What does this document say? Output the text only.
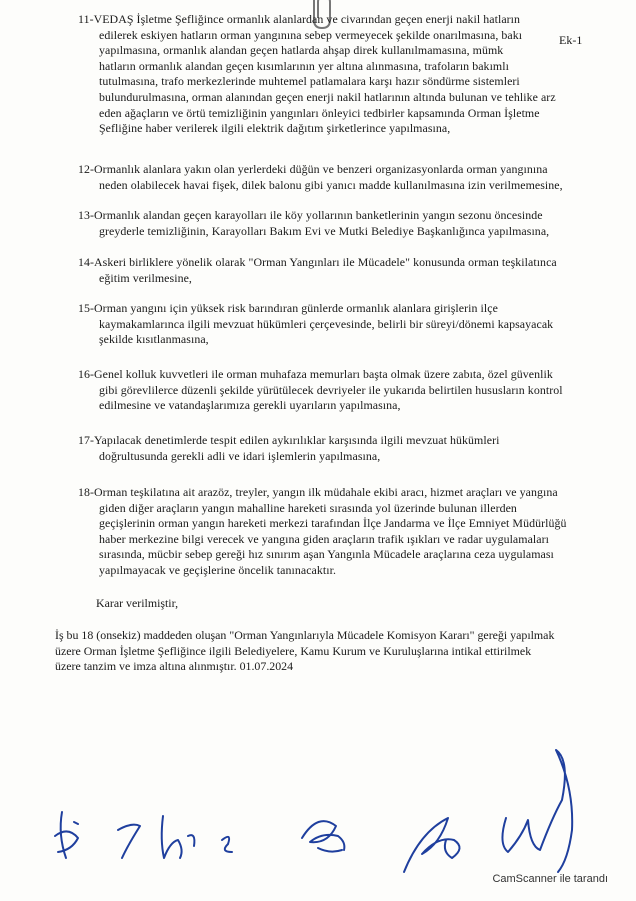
Ek-1

11-VEDAŞ İşletme Şefliğince ormanlık alanlardan ve civarından geçen enerji nakil hatların

edilerek eskiyen hatların orman yangınına sebep vermeyecek şekilde onarılmasına, bakı

yapılmasına, ormanlık alandan geçen hatlarda ahşap direk kullanılmamasına, mümk

hatların ormanlık alandan geçen kısımlarının yer altına alınmasına, trafoların bakımlı

tutulmasına, trafo merkezlerinde muhtemel patlamalara karşı hazır söndürme sistemleri

bulundurulmasına, orman alanından geçen enerji nakil hatlarının altında bulunan ve tehlike arz

eden ağaçların ve örtü temizliğinin yangınları önleyici tedbirler kapsamında Orman İşletme

Şefliğine haber verilerek ilgili elektrik dağıtım şirketlerince yapılmasına,

12-Ormanlık alanlara yakın olan yerlerdeki düğün ve benzeri organizasyonlarda orman yangınına

neden olabilecek havai fişek, dilek balonu gibi yanıcı madde kullanılmasına izin verilmemesine,

13-Ormanlık alandan geçen karayolları ile köy yollarının banketlerinin yangın sezonu öncesinde

greyderle temizliğinin, Karayolları Bakım Evi ve Mutki Belediye Başkanlığınca yapılmasına,

14-Askeri birliklere yönelik olarak "Orman Yangınları ile Mücadele" konusunda orman teşkilatınca

eğitim verilmesine,

15-Orman yangını için yüksek risk barındıran günlerde ormanlık alanlara girişlerin ilçe

kaymakamlarınca ilgili mevzuat hükümleri çerçevesinde, belirli bir süreyi/dönemi kapsayacak

şekilde kısıtlanmasına,

16-Genel kolluk kuvvetleri ile orman muhafaza memurları başta olmak üzere zabıta, özel güvenlik

gibi görevlilerce düzenli şekilde yürütülecek devriyeler ile yukarıda belirtilen hususların kontrol

edilmesine ve vatandaşlarımıza gerekli uyarıların yapılmasına,

17-Yapılacak denetimlerde tespit edilen aykırılıklar karşısında ilgili mevzuat hükümleri

doğrultusunda gerekli adli ve idari işlemlerin yapılmasına,

18-Orman teşkilatına ait arazöz, treyler, yangın ilk müdahale ekibi aracı, hizmet araçları ve yangına

giden diğer araçların yangın mahalline hareketi sırasında yol üzerinde bulunan illerden

geçişlerinin orman yangın hareketi merkezi tarafından İlçe Jandarma ve İlçe Emniyet Müdürlüğü

haber merkezine bilgi verecek ve yangına giden araçların trafik ışıkları ve radar uygulamaları

sırasında, mücbir sebep gereği hız sınırım aşan Yangınla Mücadele araçlarına ceza uygulaması

yapılmayacak ve geçişlerine öncelik tanınacaktır.

Karar verilmiştir,

İş bu 18 (onsekiz) maddeden oluşan "Orman Yangınlarıyla Mücadele Komisyon Kararı" gereği yapılmak

üzere Orman İşletme Şefliğince ilgili Belediyelere, Kamu Kurum ve Kuruluşlarına intikal ettirilmek

üzere tanzim ve imza altına alınmıştır. 01.07.2024

CamScanner ile tarandı
